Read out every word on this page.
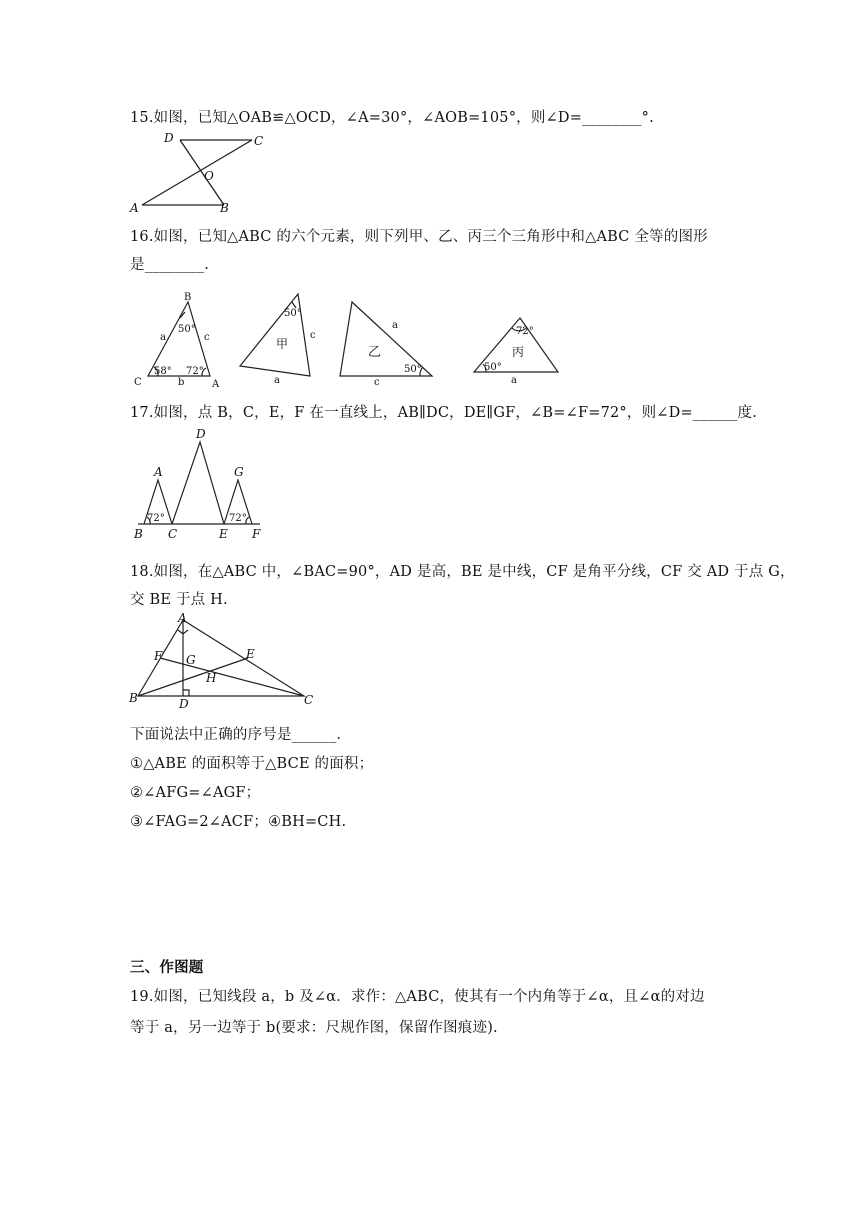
15.如图，已知△OAB≌△OCD，∠A=30°，∠AOB=105°，则∠D=________°.
D	C
O
A	B
16.如图，已知△ABC 的六个元素，则下列甲、乙、丙三个三角形中和△ABC 全等的图形
是________.
B
C	A
a	c
b
50°
58° 72°
50°
c
a
甲
a
c
50°
乙
72°
50°
a
丙
17.如图，点 B，C，E，F 在一直线上，AB∥DC，DE∥GF，∠B=∠F=72°，则∠D=______度.
D
A	G
B C	E F
72°	72°
18.如图，在△ABC 中，∠BAC=90°，AD 是高，BE 是中线，CF 是角平分线，CF 交 AD 于点 G，
交 BE 于点 H.
A
F G	E
H
B	D	C
下面说法中正确的序号是______.
①△ABE 的面积等于△BCE 的面积；
②∠AFG=∠AGF；
③∠FAG=2∠ACF；④BH=CH.
三、作图题
19.如图，已知线段 a，b 及∠α．求作：△ABC，使其有一个内角等于∠α，且∠α的对边
等于 a，另一边等于 b(要求：尺规作图，保留作图痕迹).
